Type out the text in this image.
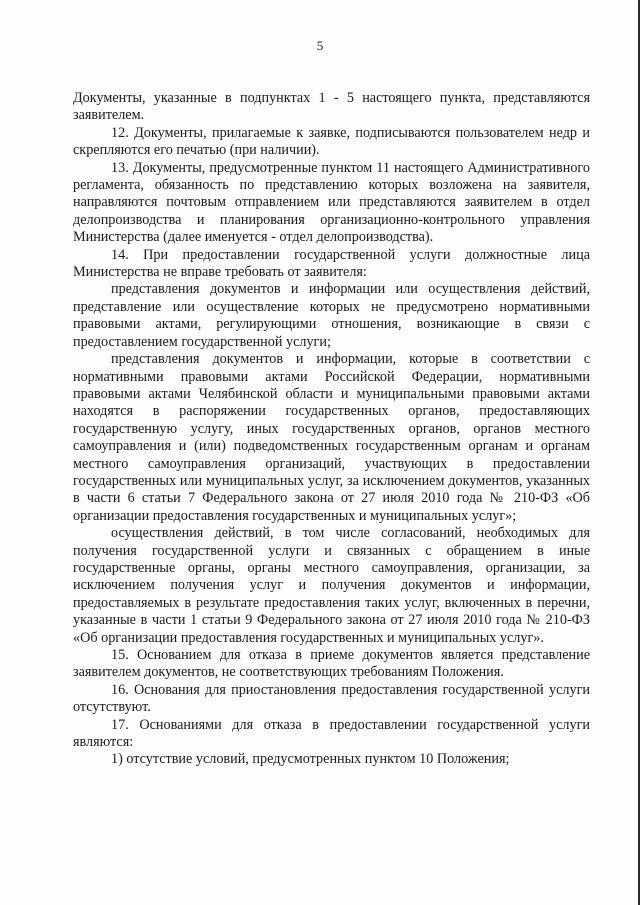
5

Документы, указанные в подпунктах 1 - 5 настоящего пункта, представляются заявителем.

12. Документы, прилагаемые к заявке, подписываются пользователем недр и скрепляются его печатью (при наличии).

13. Документы, предусмотренные пунктом 11 настоящего Административного регламента, обязанность по представлению которых возложена на заявителя, направляются почтовым отправлением или представляются заявителем в отдел делопроизводства и планирования организационно-контрольного управления Министерства (далее именуется - отдел делопроизводства).

14. При предоставлении государственной услуги должностные лица Министерства не вправе требовать от заявителя:

представления документов и информации или осуществления действий, представление или осуществление которых не предусмотрено нормативными правовыми актами, регулирующими отношения, возникающие в связи с предоставлением государственной услуги;

представления документов и информации, которые в соответствии с нормативными правовыми актами Российской Федерации, нормативными правовыми актами Челябинской области и муниципальными правовыми актами находятся в распоряжении государственных органов, предоставляющих государственную услугу, иных государственных органов, органов местного самоуправления и (или) подведомственных государственным органам и органам местного самоуправления организаций, участвующих в предоставлении государственных или муниципальных услуг, за исключением документов, указанных в части 6 статьи 7 Федерального закона от 27 июля 2010 года № 210-ФЗ «Об организации предоставления государственных и муниципальных услуг»;

осуществления действий, в том числе согласований, необходимых для получения государственной услуги и связанных с обращением в иные государственные органы, органы местного самоуправления, организации, за исключением получения услуг и получения документов и информации, предоставляемых в результате предоставления таких услуг, включенных в перечни, указанные в части 1 статьи 9 Федерального закона от 27 июля 2010 года № 210-ФЗ «Об организации предоставления государственных и муниципальных услуг».

15. Основанием для отказа в приеме документов является представление заявителем документов, не соответствующих требованиям Положения.

16. Основания для приостановления предоставления государственной услуги отсутствуют.

17. Основаниями для отказа в предоставлении государственной услуги являются:

1) отсутствие условий, предусмотренных пунктом 10 Положения;
